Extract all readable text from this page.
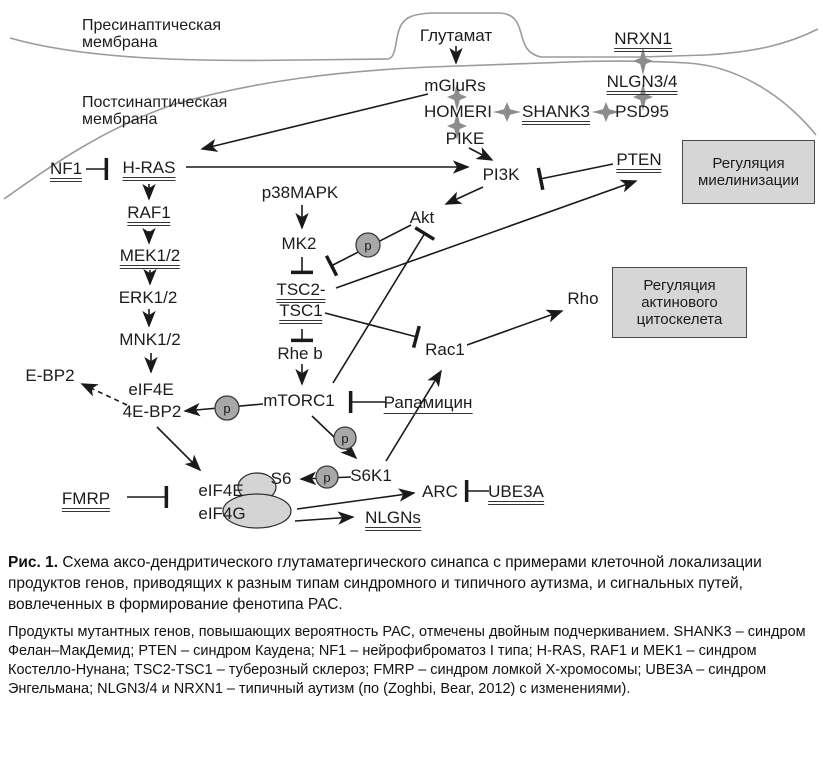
p
p
p
p
Пресинаптическая
мембрана
Постсинаптическая
мембрана
Глутамат	NRXN1
NLGN3/4
PSD95
SHANK3
HOMERI
mGluRs
PIKE
NF1 H-RAS
RAF1
MEK1/2
ERK1/2
MNK1/2
eIF4E
4E-BP2
E-BP2
p38MAPK
MK2
TSC2-
TSC1
Rhe b
mTORC1	Рапамицин
PI3K
Akt
PTEN
Rac1
Rho
S6K1
S6
eIF4E
eIF4G
FMRP	ARC UBE3A
NLGNs
Регуляция
миелинизации
Регуляция
актинового
цитоскелета

Рис. 1. Схема аксо-дендритического глутаматергического синапса с примерами клеточной локализации продуктов генов, приводящих к разным типам синдромного и типичного аутизма, и сигнальных путей, вовлеченных в формирование фенотипа РАС.

Продукты мутантных генов, повышающих вероятность РАС, отмечены двойным подчеркиванием. SHANK3 – синдром Фелан–МакДемид; PTEN – синдром Каудена; NF1 – нейрофиброматоз I типа; H-RAS, RAF1 и MEK1 – синдром Костелло-Нунана; TSC2-TSC1 – туберозный склероз; FMRP – синдром ломкой X-хромосомы; UBE3A – синдром Энгельмана; NLGN3/4 и NRXN1 – типичный аутизм (по (Zoghbi, Bear, 2012) с изменениями).
